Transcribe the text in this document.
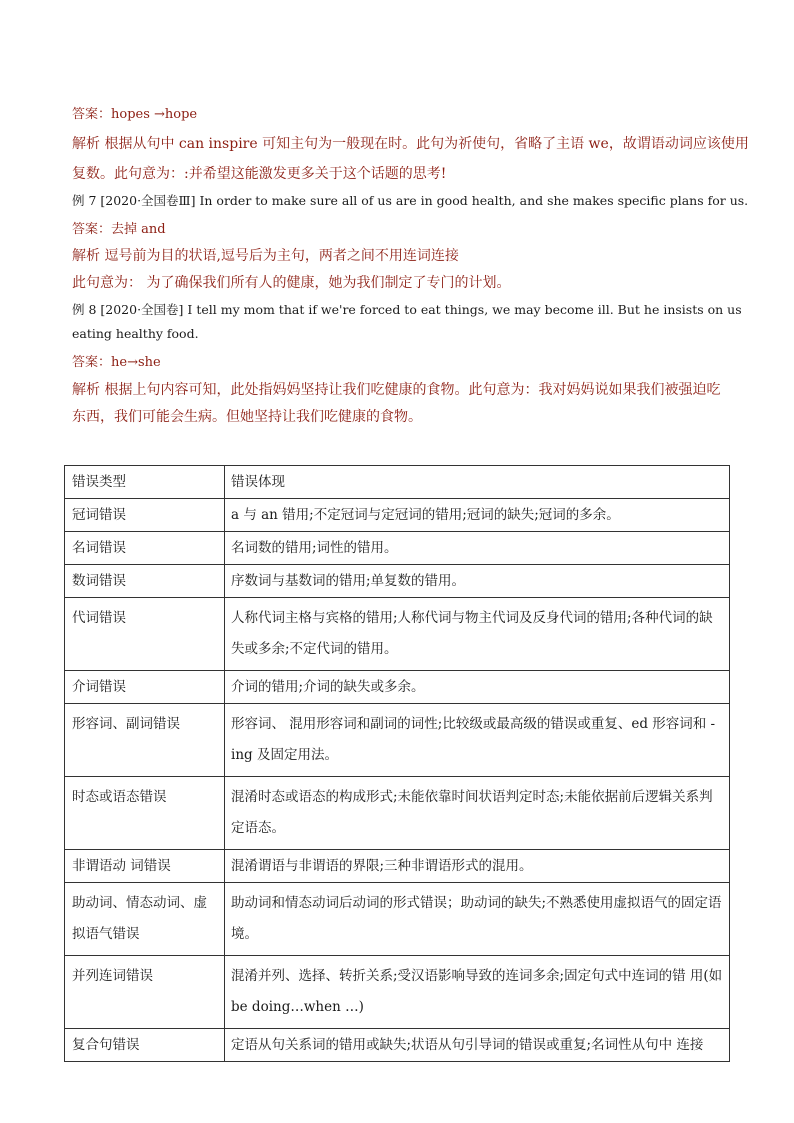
答案：hopes →hope
解析 根据从句中 can inspire 可知主句为一般现在时。此句为祈使句，省略了主语 we，故谓语动词应该使用
复数。此句意为：:并希望这能激发更多关于这个话题的思考!
例 7 [2020·全国卷Ⅲ] In order to make sure all of us are in good health, and she makes specific plans for us.
答案：去掉 and
解析 逗号前为目的状语,逗号后为主句，两者之间不用连词连接
此句意为： 为了确保我们所有人的健康，她为我们制定了专门的计划。
例 8 [2020·全国卷] I tell my mom that if we're forced to eat things, we may become ill. But he insists on us
eating healthy food.
答案：he→she
解析 根据上句内容可知，此处指妈妈坚持让我们吃健康的食物。此句意为：我对妈妈说如果我们被强迫吃
东西，我们可能会生病。但她坚持让我们吃健康的食物。
错误类型	错误体现
冠词错误	a 与 an 错用;不定冠词与定冠词的错用;冠词的缺失;冠词的多余。
名词错误	名词数的错用;词性的错用。
数词错误	序数词与基数词的错用;单复数的错用。
代词错误	人称代词主格与宾格的错用;人称代词与物主代词及反身代词的错用;各种代词的缺失或多余;不定代词的错用。
介词错误	介词的错用;介词的缺失或多余。
形容词、副词错误	形容词、 混用形容词和副词的词性;比较级或最高级的错误或重复、ed 形容词和 -ing 及固定用法。
时态或语态错误	混淆时态或语态的构成形式;未能依靠时间状语判定时态;未能依据前后逻辑关系判定语态。
非谓语动 词错误	混淆谓语与非谓语的界限;三种非谓语形式的混用。
助动词、情态动词、虚拟语气错误	助动词和情态动词后动词的形式错误；助动词的缺失;不熟悉使用虚拟语气的固定语境。
并列连词错误	混淆并列、选择、转折关系;受汉语影响导致的连词多余;固定句式中连词的错 用(如be doing…when …)
复合句错误	定语从句关系词的错用或缺失;状语从句引导词的错误或重复;名词性从句中 连接
